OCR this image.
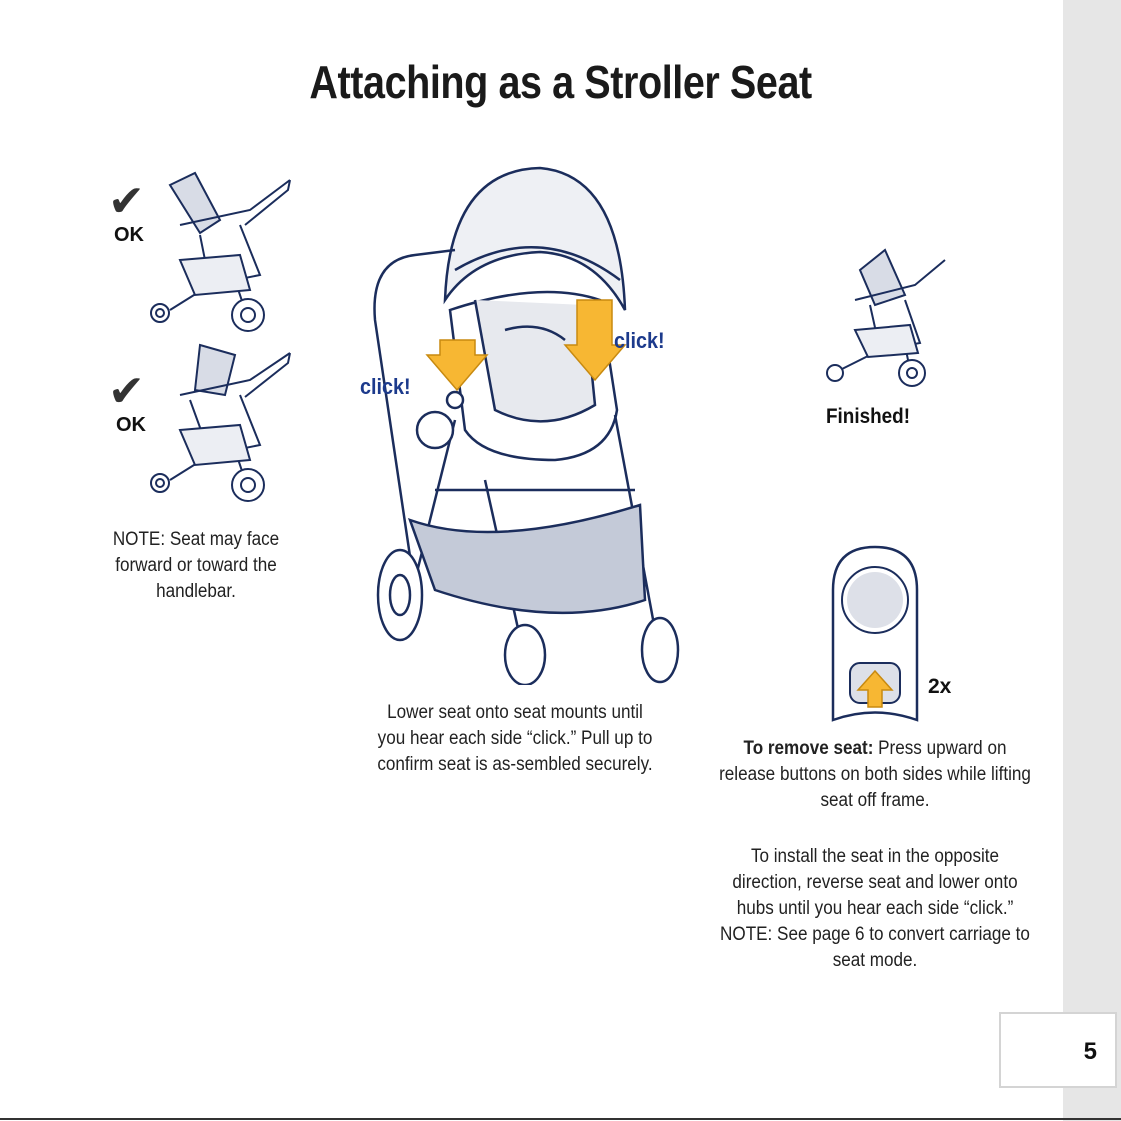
5
Attaching as a Stroller Seat
✔
OK
✔
OK
NOTE: Seat may face forward or toward the handlebar.
click!
click!
Lower seat onto seat mounts until you hear each side “click.” Pull up to confirm seat is as-sembled securely.
Finished!
2x
To remove seat: Press upward on release buttons on both sides while lifting seat off frame.
To install the seat in the opposite direction, reverse seat and lower onto hubs until you hear each side “click.” NOTE: See page 6 to convert carriage to seat mode.
